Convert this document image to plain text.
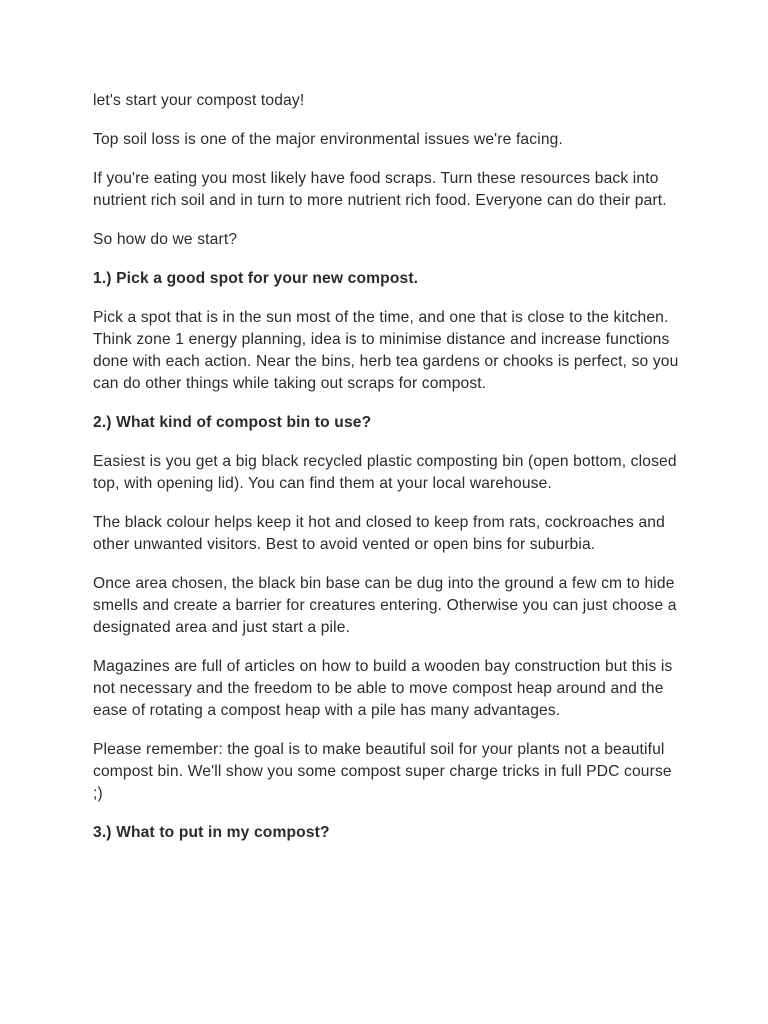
let's start your compost today!

Top soil loss is one of the major environmental issues we're facing.

If you're eating you most likely have food scraps. Turn these resources back into nutrient rich soil and in turn to more nutrient rich food. Everyone can do their part.

So how do we start?

1.) Pick a good spot for your new compost.

Pick a spot that is in the sun most of the time, and one that is close to the kitchen. Think zone 1 energy planning, idea is to minimise distance and increase functions done with each action. Near the bins, herb tea gardens or chooks is perfect, so you can do other things while taking out scraps for compost.

2.) What kind of compost bin to use?

Easiest is you get a big black recycled plastic composting bin (open bottom, closed top, with opening lid). You can find them at your local warehouse.

The black colour helps keep it hot and closed to keep from rats, cockroaches and other unwanted visitors. Best to avoid vented or open bins for suburbia.

Once area chosen, the black bin base can be dug into the ground a few cm to hide smells and create a barrier for creatures entering. Otherwise you can just choose a designated area and just start a pile.

Magazines are full of articles on how to build a wooden bay construction but this is not necessary and the freedom to be able to move compost heap around and the ease of rotating a compost heap with a pile has many advantages.

Please remember: the goal is to make beautiful soil for your plants not a beautiful compost bin. We'll show you some compost super charge tricks in full PDC course ;)

3.) What to put in my compost?
